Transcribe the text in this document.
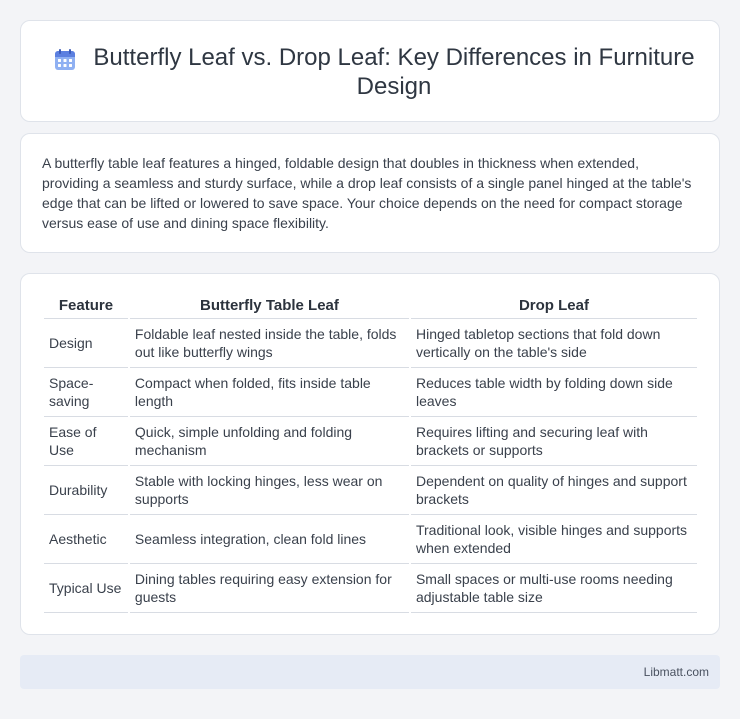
Butterfly Leaf vs. Drop Leaf: Key Differences in Furniture Design

A butterfly table leaf features a hinged, foldable design that doubles in thickness when extended, providing a seamless and sturdy surface, while a drop leaf consists of a single panel hinged at the table's edge that can be lifted or lowered to save space. Your choice depends on the need for compact storage versus ease of use and dining space flexibility.

Feature	Butterfly Table Leaf	Drop Leaf
Design	Foldable leaf nested inside the table, folds out like butterfly wings	Hinged tabletop sections that fold down vertically on the table's side
Space-saving	Compact when folded, fits inside table length	Reduces table width by folding down side leaves
Ease of Use	Quick, simple unfolding and folding mechanism	Requires lifting and securing leaf with brackets or supports
Durability	Stable with locking hinges, less wear on supports	Dependent on quality of hinges and support brackets
Aesthetic	Seamless integration, clean fold lines	Traditional look, visible hinges and supports when extended
Typical Use	Dining tables requiring easy extension for guests	Small spaces or multi-use rooms needing adjustable table size
Libmatt.com
